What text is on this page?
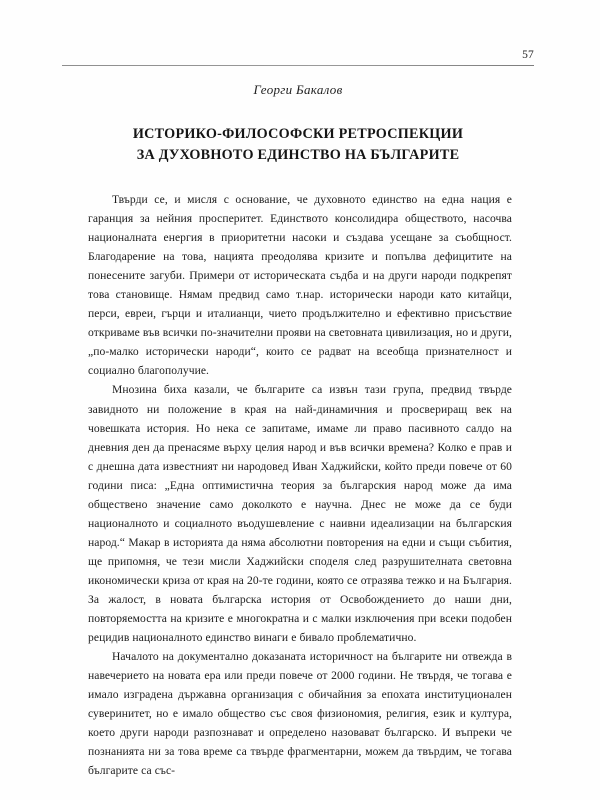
57
Георги Бакалов
ИСТОРИКО-ФИЛОСОФСКИ РЕТРОСПЕКЦИИ
ЗА ДУХОВНОТО ЕДИНСТВО НА БЪЛГАРИТЕ

Твърди се, и мисля с основание, че духовното единство на една нация е гаранция за нейния просперитет. Единството консолидира обществото, насочва националната енергия в приоритетни насоки и създава усещане за съобщност. Благодарение на това, нацията преодолява кризите и попълва дефицитите на понесените загуби. Примери от историческата съдба и на други народи подкрепят това становище. Нямам предвид само т.нар. исторически народи като китайци, перси, евреи, гърци и италианци, чието продължително и ефективно присъствие откриваме във всички по-значителни прояви на световната цивилизация, но и други, „по-малко исторически народи“, които се радват на всеобща признателност и социално благополучие.

Мнозина биха казали, че българите са извън тази група, предвид твърде завидното ни положение в края на най-динамичния и просвериращ век на човешката история. Но нека се запитаме, имаме ли право пасивното салдо на дневния ден да пренасяме върху целия народ и във всички времена? Колко е прав и с днешна дата известният ни народовед Иван Хаджийски, който преди повече от 60 години писа: „Една оптимистична теория за българския народ може да има обществено значение само доколкото е научна. Днес не може да се буди националното и социалното въодушевление с наивни идеализации на българския народ.“ Макар в историята да няма абсолютни повторения на едни и същи събития, ще припомня, че тези мисли Хаджийски сподeля след разрушителната световна икономически криза от края на 20-те години, която се отразява тежко и на България. За жалост, в новата българска история от Освобождението до наши дни, повторяемостта на кризите е многократна и с малки изключения при всеки подобен рецидив националното единство винаги е бивало проблематично.

Началото на документално доказаната историчност на българите ни отвежда в навечерието на новата ера или преди повече от 2000 години. Не твърдя, че тогава е имало изградена държавна организация с обичайния за епохата институционален суверинитет, но е имало общество със своя физиономия, религия, език и култура, което други народи разпознават и определено назовават българско. И въпреки че познанията ни за това време са твърде фрагментарни, можем да твърдим, че тогава българите са със-
